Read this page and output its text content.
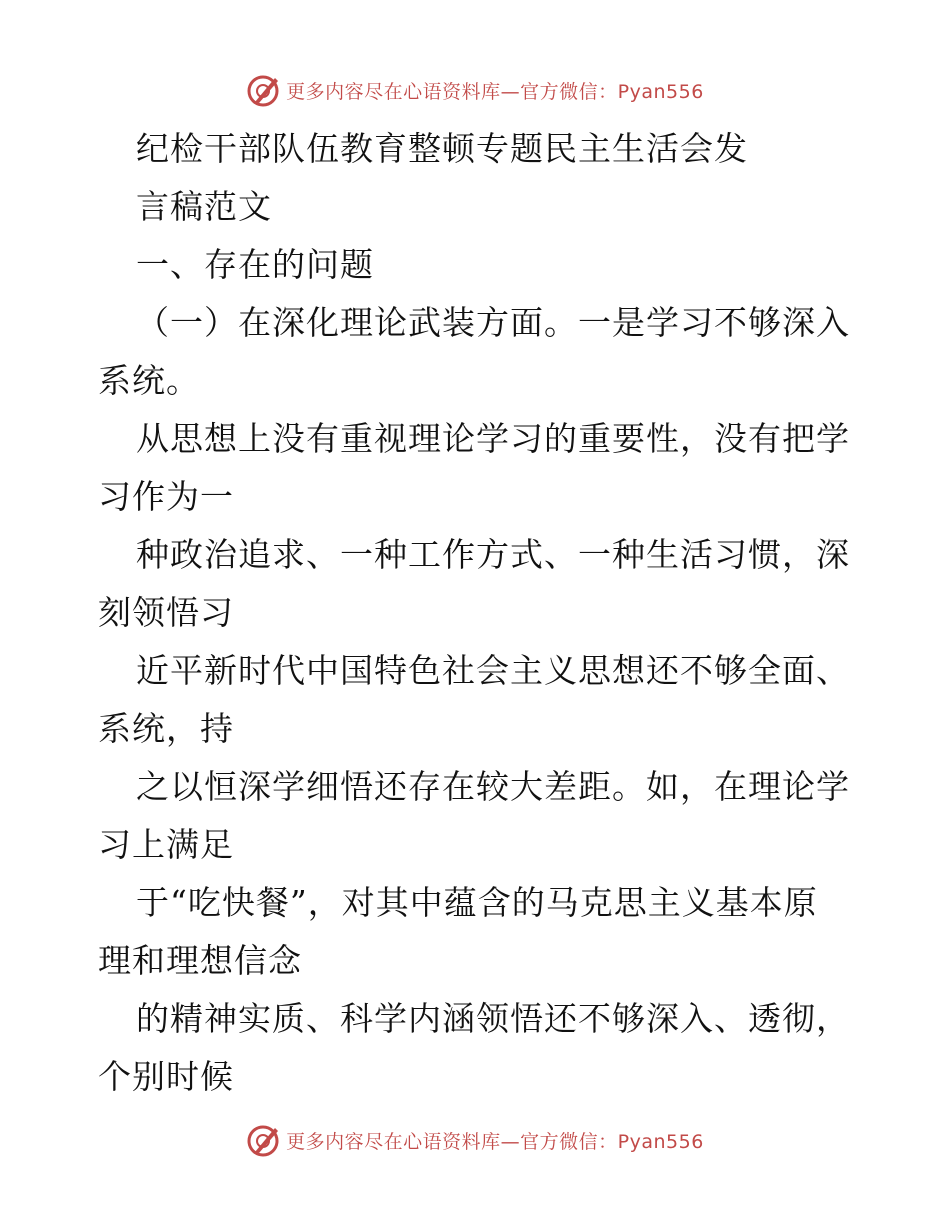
更多内容尽在心语资料库—官方微信：Pyan556

纪检干部队伍教育整顿专题民主生活会发

言稿范文

一、存在的问题

（一）在深化理论武装方面。一是学习不够深入

系统。

从思想上没有重视理论学习的重要性，没有把学

习作为一

种政治追求、一种工作方式、一种生活习惯，深

刻领悟习

近平新时代中国特色社会主义思想还不够全面、

系统，持

之以恒深学细悟还存在较大差距。如，在理论学

习上满足

于“吃快餐”，对其中蕴含的马克思主义基本原

理和理想信念

的精神实质、科学内涵领悟还不够深入、透彻，

个别时候

更多内容尽在心语资料库—官方微信：Pyan556
